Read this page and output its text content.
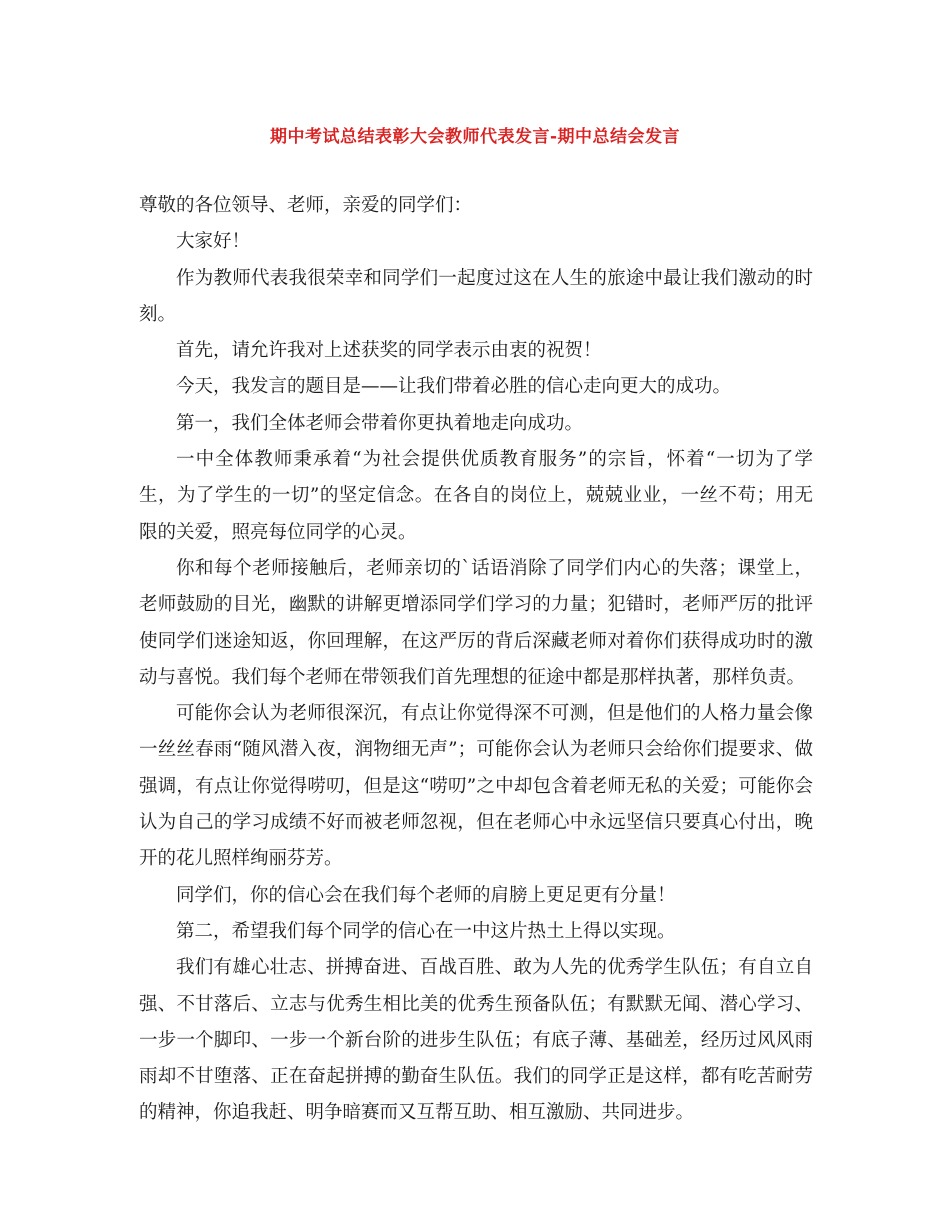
期中考试总结表彰大会教师代表发言-期中总结会发言

尊敬的各位领导、老师，亲爱的同学们：

大家好！

作为教师代表我很荣幸和同学们一起度过这在人生的旅途中最让我们激动的时刻。

首先，请允许我对上述获奖的同学表示由衷的祝贺！

今天，我发言的题目是——让我们带着必胜的信心走向更大的成功。

第一，我们全体老师会带着你更执着地走向成功。

一中全体教师秉承着“为社会提供优质教育服务”的宗旨，怀着“一切为了学生，为了学生的一切”的坚定信念。在各自的岗位上，兢兢业业，一丝不苟；用无限的关爱，照亮每位同学的心灵。

你和每个老师接触后，老师亲切的`话语消除了同学们内心的失落；课堂上，老师鼓励的目光，幽默的讲解更增添同学们学习的力量；犯错时，老师严厉的批评使同学们迷途知返，你回理解，在这严厉的背后深藏老师对着你们获得成功时的激动与喜悦。我们每个老师在带领我们首先理想的征途中都是那样执著，那样负责。

可能你会认为老师很深沉，有点让你觉得深不可测，但是他们的人格力量会像一丝丝春雨“随风潜入夜，润物细无声”；可能你会认为老师只会给你们提要求、做强调，有点让你觉得唠叨，但是这“唠叨”之中却包含着老师无私的关爱；可能你会认为自己的学习成绩不好而被老师忽视，但在老师心中永远坚信只要真心付出，晚开的花儿照样绚丽芬芳。

同学们，你的信心会在我们每个老师的肩膀上更足更有分量！

第二，希望我们每个同学的信心在一中这片热土上得以实现。

我们有雄心壮志、拼搏奋进、百战百胜、敢为人先的优秀学生队伍；有自立自强、不甘落后、立志与优秀生相比美的优秀生预备队伍；有默默无闻、潜心学习、一步一个脚印、一步一个新台阶的进步生队伍；有底子薄、基础差，经历过风风雨雨却不甘堕落、正在奋起拼搏的勤奋生队伍。我们的同学正是这样，都有吃苦耐劳的精神，你追我赶、明争暗赛而又互帮互助、相互激励、共同进步。
